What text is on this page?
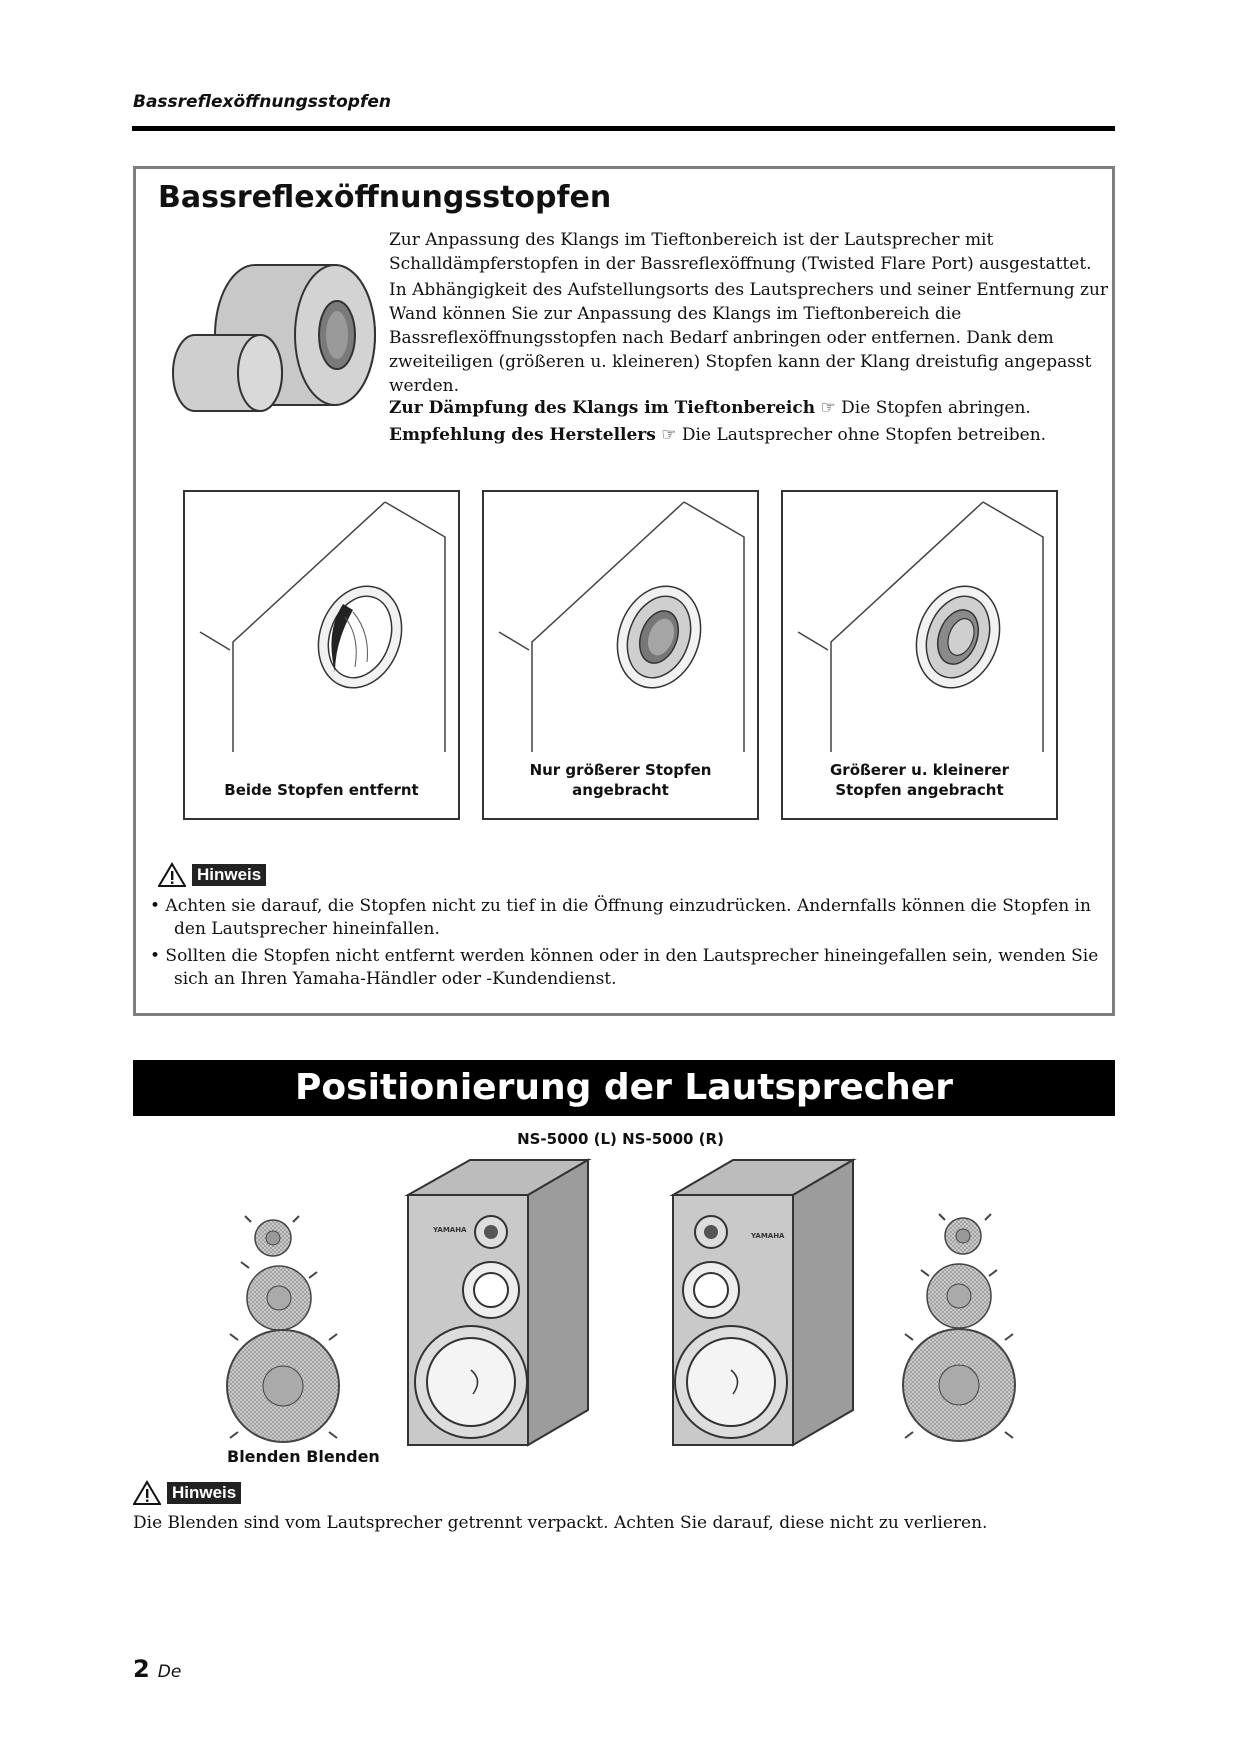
Bassreflexöffnungsstopfen
Bassreflexöffnungsstopfen
Zur Anpassung des Klangs im Tieftonbereich ist der Lautsprecher mit Schalldämpferstopfen in der Bassreflexöffnung (Twisted Flare Port) ausgestattet.
In Abhängigkeit des Aufstellungsorts des Lautsprechers und seiner Entfernung zur Wand können Sie zur Anpassung des Klangs im Tieftonbereich die Bassreflexöffnungsstopfen nach Bedarf anbringen oder entfernen. Dank dem zweiteiligen (größeren u. kleineren) Stopfen kann der Klang dreistufig angepasst werden.
Zur Dämpfung des Klangs im Tieftonbereich ☞ Die Stopfen abringen.
Empfehlung des Herstellers ☞ Die Lautsprecher ohne Stopfen betreiben.
Beide Stopfen entfernt
Nur größerer Stopfen
angebracht
Größerer u. kleinerer
Stopfen angebracht
Hinweis
• Achten sie darauf, die Stopfen nicht zu tief in die Öffnung einzudrücken. Andernfalls können die Stopfen in den Lautsprecher hineinfallen.
• Sollten die Stopfen nicht entfernt werden können oder in den Lautsprecher hineingefallen sein, wenden Sie sich an Ihren Yamaha-Händler oder -Kundendienst.
Positionierung der Lautsprecher
NS-5000 (L) NS-5000 (R)
YAMAHA
YAMAHA
Blenden Blenden
Hinweis
Die Blenden sind vom Lautsprecher getrennt verpackt. Achten Sie darauf, diese nicht zu verlieren.
2 De
